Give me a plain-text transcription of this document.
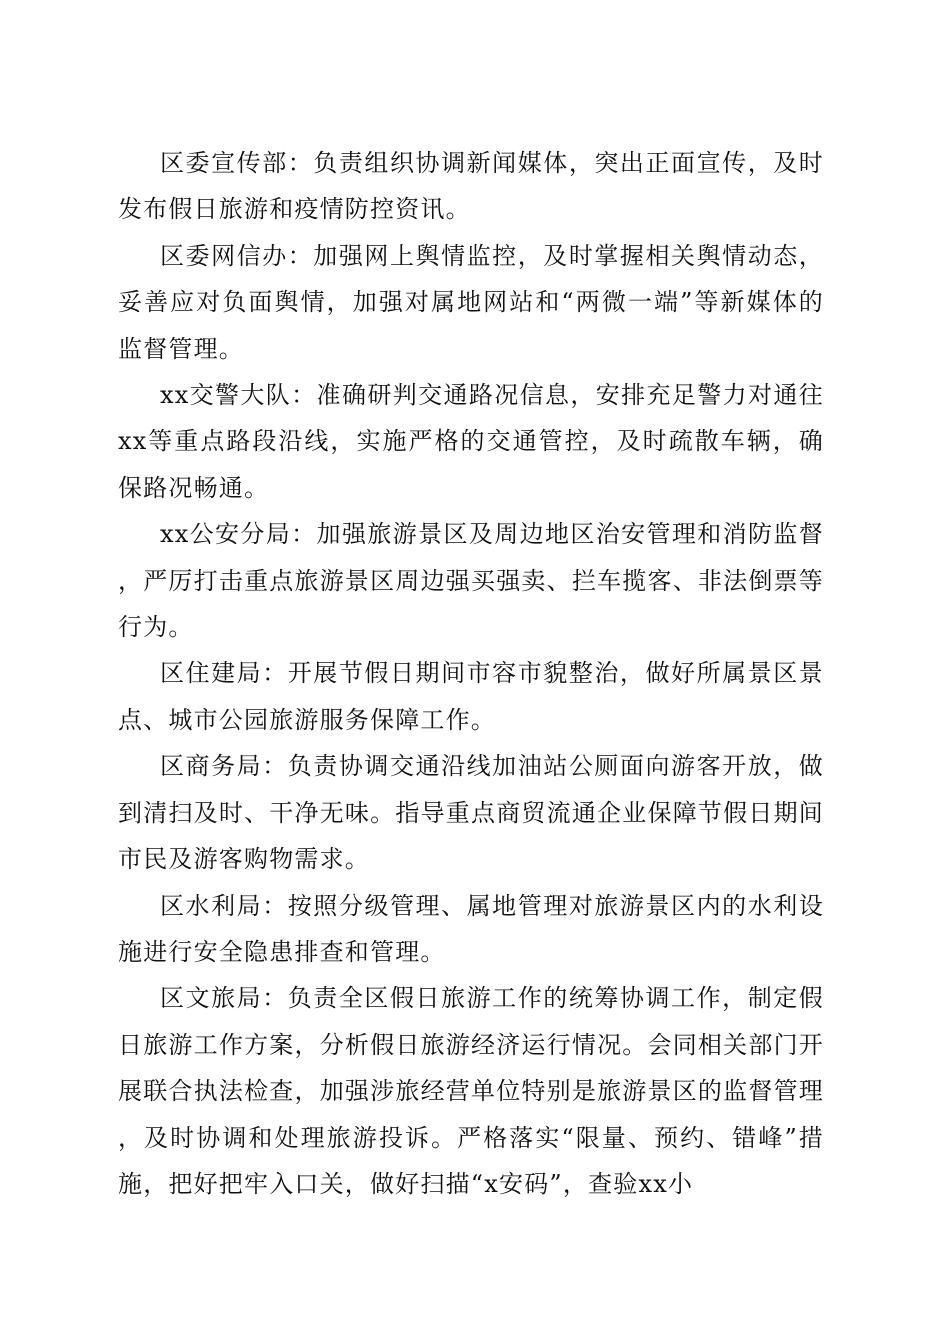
区委宣传部：负责组织协调新闻媒体，突出正面宣传，及时发布假日旅游和疫情防控资讯。

区委网信办：加强网上舆情监控，及时掌握相关舆情动态，妥善应对负面舆情，加强对属地网站和“两微一端”等新媒体的监督管理。

xx交警大队：准确研判交通路况信息，安排充足警力对通往xx等重点路段沿线，实施严格的交通管控，及时疏散车辆，确保路况畅通。

xx公安分局：加强旅游景区及周边地区治安管理和消防监督，严厉打击重点旅游景区周边强买强卖、拦车揽客、非法倒票等行为。

区住建局：开展节假日期间市容市貌整治，做好所属景区景点、城市公园旅游服务保障工作。

区商务局：负责协调交通沿线加油站公厕面向游客开放，做到清扫及时、干净无味。指导重点商贸流通企业保障节假日期间市民及游客购物需求。

区水利局：按照分级管理、属地管理对旅游景区内的水利设施进行安全隐患排查和管理。

区文旅局：负责全区假日旅游工作的统筹协调工作，制定假日旅游工作方案，分析假日旅游经济运行情况。会同相关部门开展联合执法检查，加强涉旅经营单位特别是旅游景区的监督管理，及时协调和处理旅游投诉。严格落实“限量、预约、错峰”措施，把好把牢入口关，做好扫描“x安码”，查验xx小
